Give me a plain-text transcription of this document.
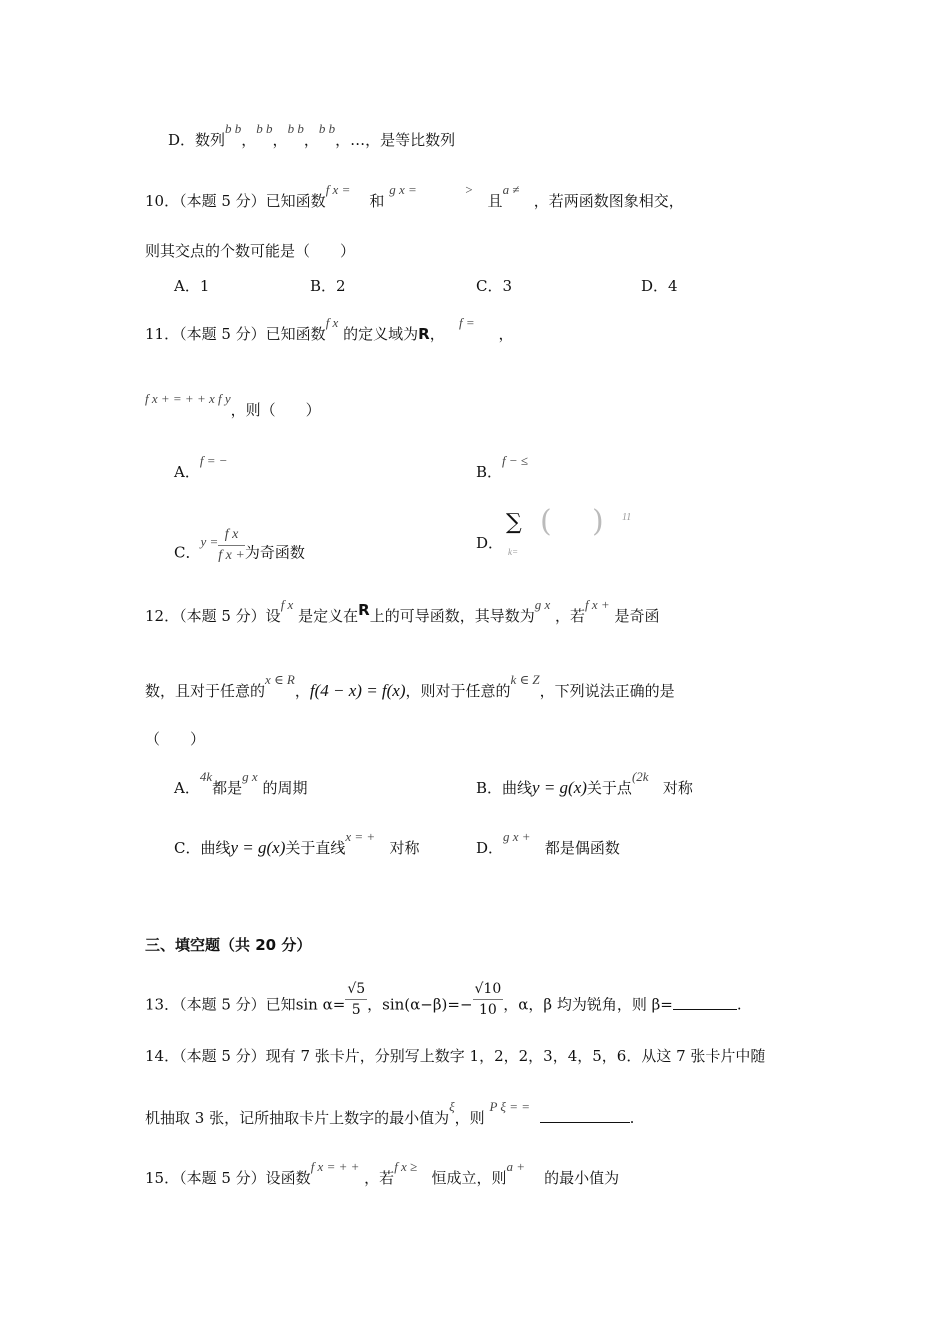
D．数列b b，b b，b b，b b，…，是等比数列
10．（本题 5 分）已知函数f x =    和 g x =	>   且a ≠   ，若两函数图象相交，
则其交点的个数可能是（　　）
A．1	B．2	C．3	D．4
11．（本题 5 分）已知函数f x 的定义域为R，   f =     ，
f x + = + + x f y，则（　　）
A．f = −
B．f − ≤
C．$y = \frac{\text{f x}}{\text{f x +}}$ 为奇函数
D．
∑
k=
( ) 11
12．（本题 5 分）设f x 是定义在R上的可导函数，其导数为g x ，若f x + 是奇函
数，且对于任意的x ∈ R，f(4 − x) = f(x)，则对于任意的k ∈ Z，下列说法正确的是
（　　）
A．4k都是g x 的周期	B．曲线y = g(x)关于点(2k   对称
C．曲线y = g(x)关于直线x = +   对称	D．g x +   都是偶函数
三、填空题（共 20 分）
13．（本题 5 分）已知$\sin \alpha= \frac{√5}{5}$ ，$\sin(\alpha-\beta)=- \frac{√10}{10}$ ，α，β 均为锐角，则 β=	.
14．（本题 5 分）现有 7 张卡片，分别写上数字 1，2，2，3，4，5，6．从这 7 张卡片中随
机抽取 3 张，记所抽取卡片上数字的最小值为ξ，则 P ξ = =  .
15．（本题 5 分）设函数f x = + + ，若f x ≥   恒成立，则a +    的最小值为
